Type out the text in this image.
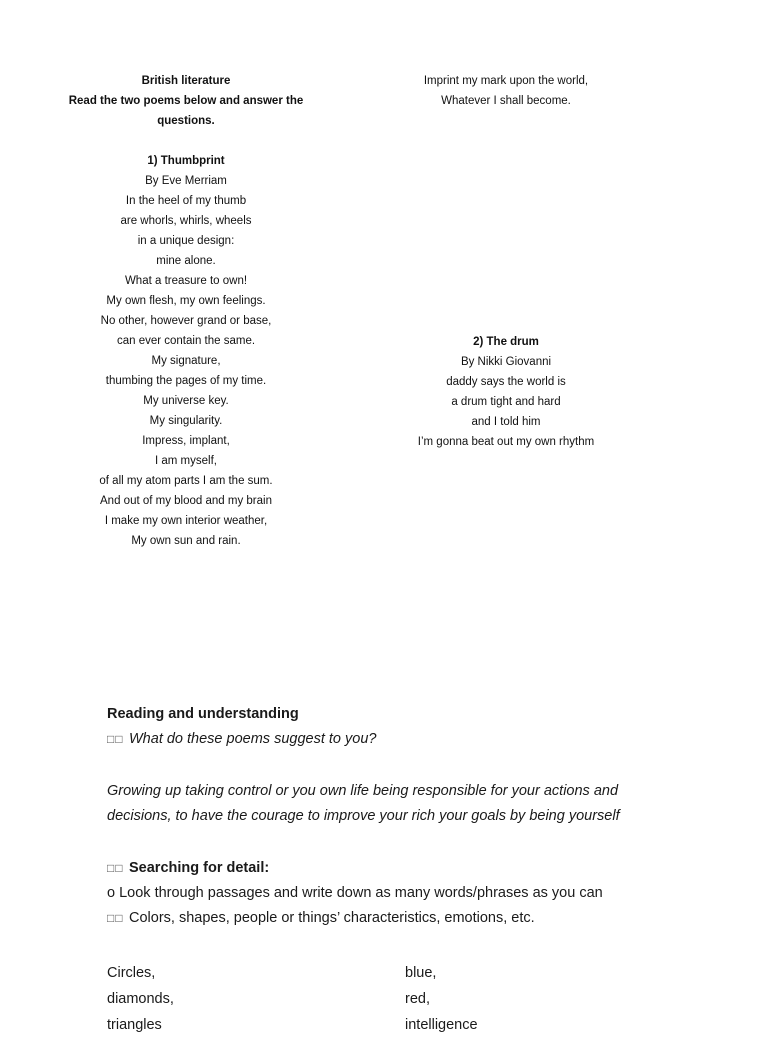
British literature
Read the two poems below and answer the
questions.
1) Thumbprint
By Eve Merriam
In the heel of my thumb
are whorls, whirls, wheels
in a unique design:
mine alone.
What a treasure to own!
My own flesh, my own feelings.
No other, however grand or base,
can ever contain the same.
My signature,
thumbing the pages of my time.
My universe key.
My singularity.
Impress, implant,
I am myself,
of all my atom parts I am the sum.
And out of my blood and my brain
I make my own interior weather,
My own sun and rain.
Imprint my mark upon the world,
Whatever I shall become.
2) The drum
By Nikki Giovanni
daddy says the world is
a drum tight and hard
and I told him
I’m gonna beat out my own rhythm

Reading and understanding

□□ What do these poems suggest to you?

Growing up taking control or you own life being responsible for your actions and

decisions, to have the courage to improve your rich your goals by being yourself

□□ Searching for detail:

o Look through passages and write down as many words/phrases as you can

□□ Colors, shapes, people or things’ characteristics, emotions, etc.

Circles,
diamonds,
triangles
blue,
red,
intelligence
